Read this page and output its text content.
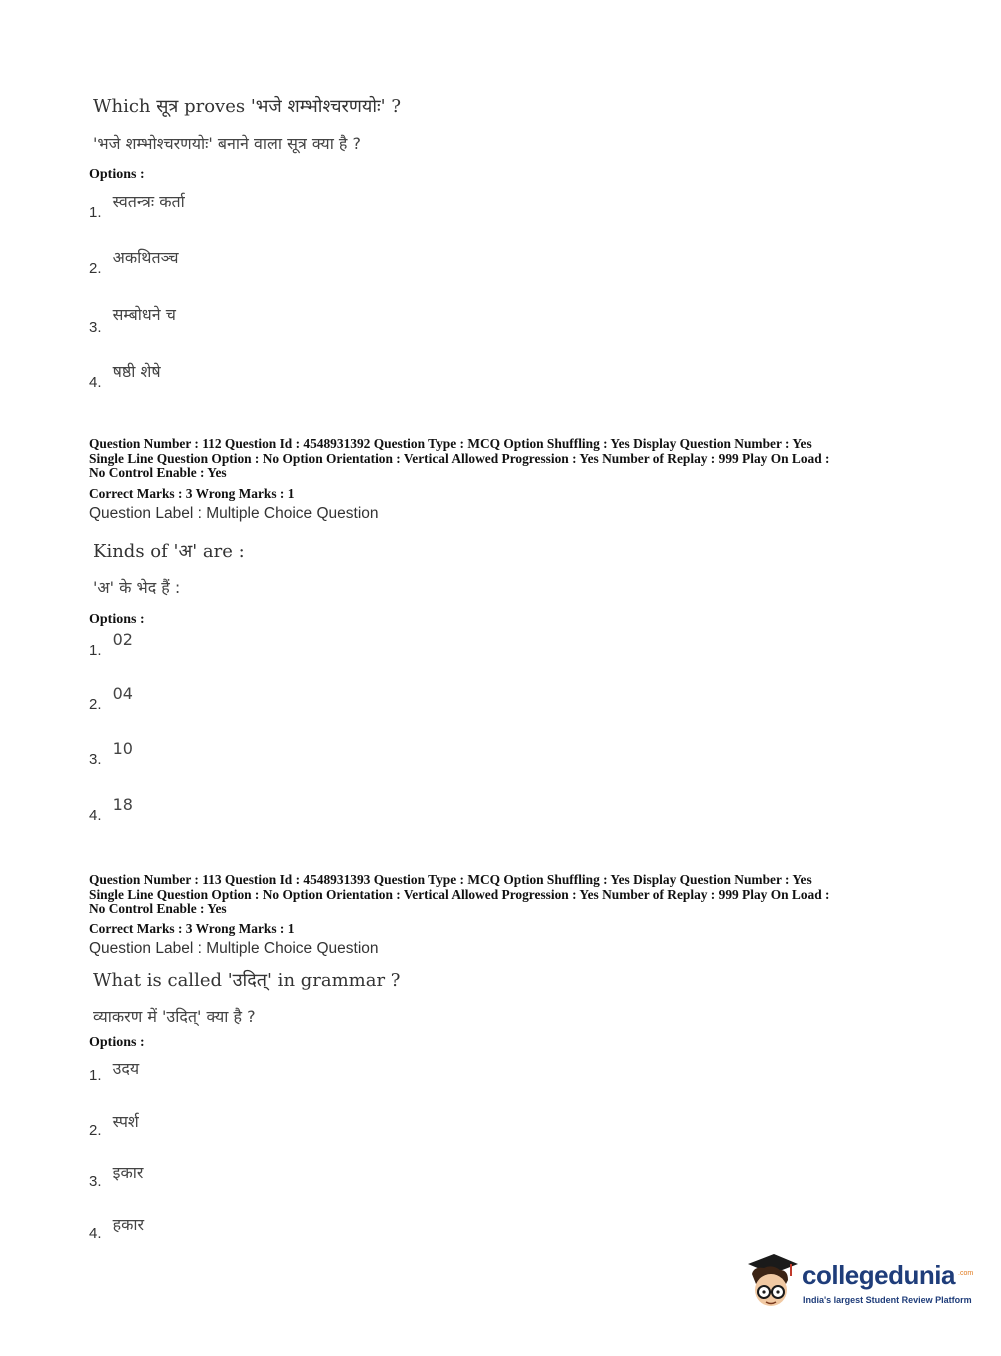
Which सूत्र proves 'भजे शम्भोश्चरणयोः' ?
'भजे शम्भोश्चरणयोः' बनाने वाला सूत्र क्या है ?
Options :
1. स्वतन्त्रः कर्ता
2. अकथितञ्च
3. सम्बोधने च
4. षष्ठी शेषे
Question Number : 112 Question Id : 4548931392 Question Type : MCQ Option Shuffling : Yes Display Question Number : Yes
Single Line Question Option : No Option Orientation : Vertical Allowed Progression : Yes Number of Replay : 999 Play On Load :
No Control Enable : Yes
Correct Marks : 3 Wrong Marks : 1
Question Label : Multiple Choice Question
Kinds of 'अ' are :
'अ' के भेद हैं :
Options :
1. 02
2. 04
3. 10
4. 18
Question Number : 113 Question Id : 4548931393 Question Type : MCQ Option Shuffling : Yes Display Question Number : Yes
Single Line Question Option : No Option Orientation : Vertical Allowed Progression : Yes Number of Replay : 999 Play On Load :
No Control Enable : Yes
Correct Marks : 3 Wrong Marks : 1
Question Label : Multiple Choice Question
What is called 'उदित्' in grammar ?
व्याकरण में 'उदित्' क्या है ?
Options :
1. उदय
2. स्पर्श
3. इकार
4. हकार
collegedunia .com
India's largest Student Review Platform
